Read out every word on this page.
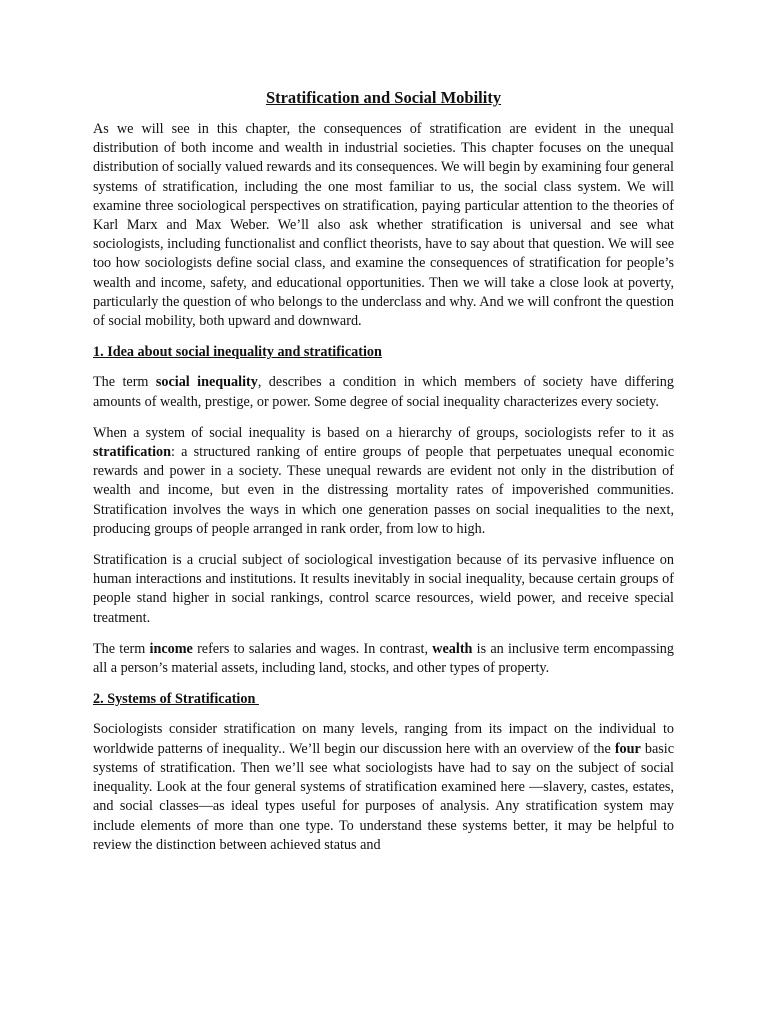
Stratification and Social Mobility

As we will see in this chapter, the consequences of stratification are evident in the unequal distribution of both income and wealth in industrial societies. This chapter focuses on the unequal distribution of socially valued rewards and its consequences. We will begin by examining four general systems of stratification, including the one most familiar to us, the social class system. We will examine three sociological perspectives on stratification, paying particular attention to the theories of Karl Marx and Max Weber. We’ll also ask whether stratification is universal and see what sociologists, including functionalist and conflict theorists, have to say about that question. We will see too how sociologists define social class, and examine the consequences of stratification for people’s wealth and income, safety, and educational opportunities. Then we will take a close look at poverty, particularly the question of who belongs to the underclass and why. And we will confront the question of social mobility, both upward and downward.

1. Idea about social inequality and stratification

The term social inequality, describes a condition in which members of society have differing amounts of wealth, prestige, or power. Some degree of social inequality characterizes every society.

When a system of social inequality is based on a hierarchy of groups, sociologists refer to it as stratification: a structured ranking of entire groups of people that perpetuates unequal economic rewards and power in a society. These unequal rewards are evident not only in the distribution of wealth and income, but even in the distressing mortality rates of impoverished communities. Stratification involves the ways in which one generation passes on social inequalities to the next, producing groups of people arranged in rank order, from low to high.

Stratification is a crucial subject of sociological investigation because of its pervasive influence on human interactions and institutions. It results inevitably in social inequality, because certain groups of people stand higher in social rankings, control scarce resources, wield power, and receive special treatment.

The term income refers to salaries and wages. In contrast, wealth is an inclusive term encompassing all a person’s material assets, including land, stocks, and other types of property.

2. Systems of Stratification

Sociologists consider stratification on many levels, ranging from its impact on the individual to worldwide patterns of inequality.. We’ll begin our discussion here with an overview of the four basic systems of stratification. Then we’ll see what sociologists have had to say on the subject of social inequality. Look at the four general systems of stratification examined here —slavery, castes, estates, and social classes—as ideal types useful for purposes of analysis. Any stratification system may include elements of more than one type. To understand these systems better, it may be helpful to review the distinction between achieved status and
